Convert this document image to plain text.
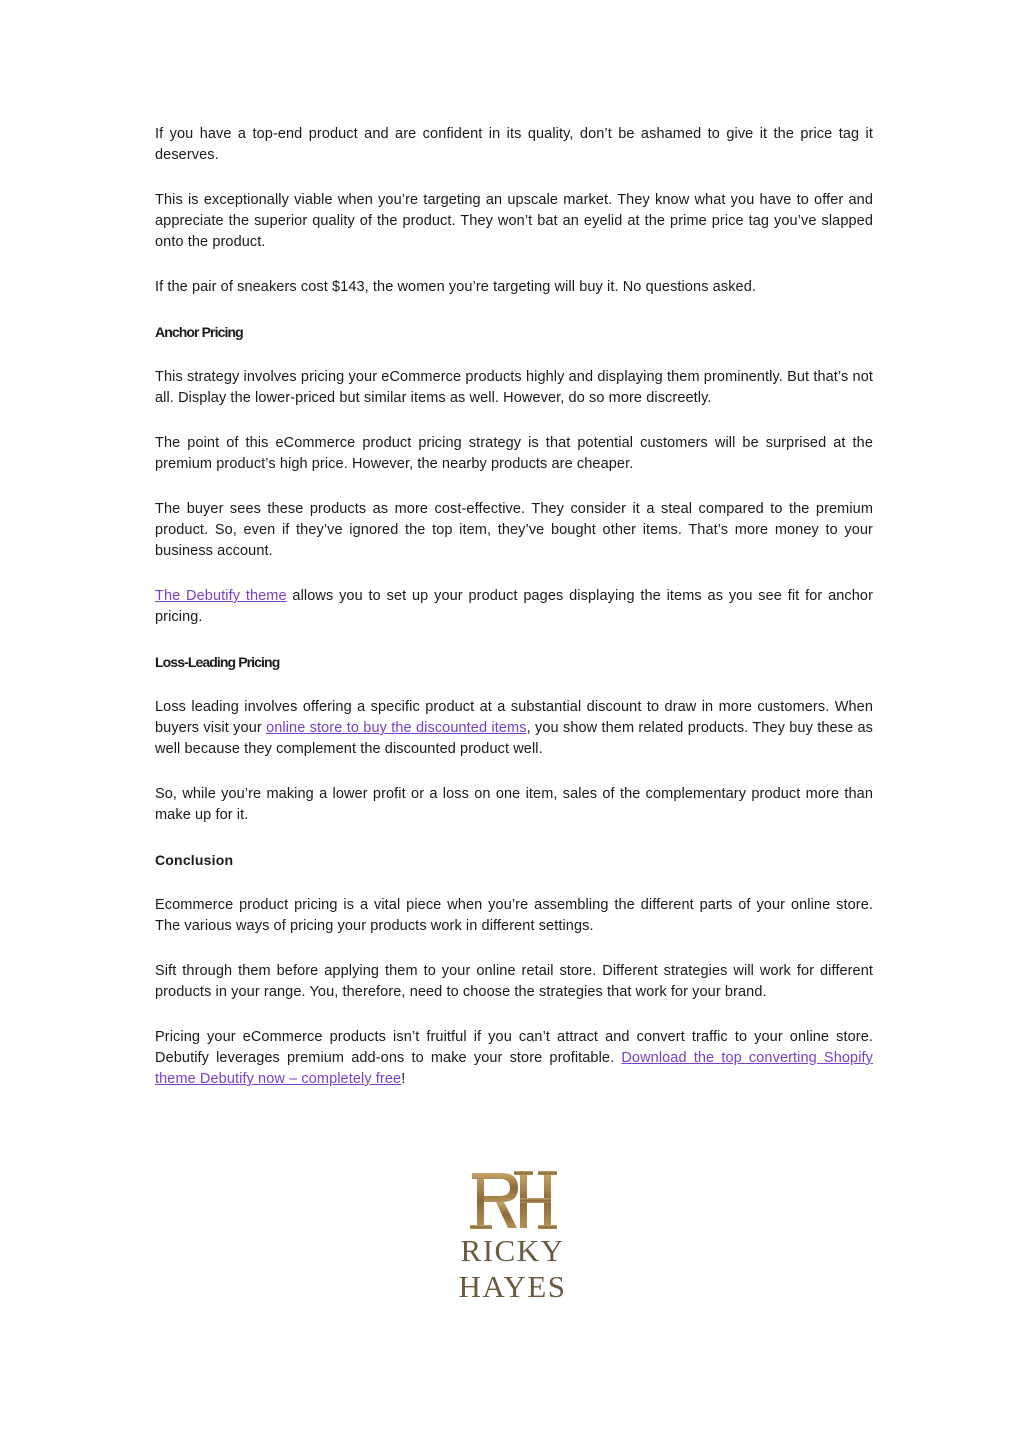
If you have a top-end product and are confident in its quality, don’t be ashamed to give it the price tag it deserves.

This is exceptionally viable when you’re targeting an upscale market. They know what you have to offer and appreciate the superior quality of the product. They won’t bat an eyelid at the prime price tag you’ve slapped onto the product.

If the pair of sneakers cost $143, the women you’re targeting will buy it. No questions asked.

Anchor Pricing

This strategy involves pricing your eCommerce products highly and displaying them prominently. But that’s not all. Display the lower-priced but similar items as well. However, do so more discreetly.

The point of this eCommerce product pricing strategy is that potential customers will be surprised at the premium product’s high price. However, the nearby products are cheaper.

The buyer sees these products as more cost-effective. They consider it a steal compared to the premium product. So, even if they’ve ignored the top item, they’ve bought other items. That’s more money to your business account.

The Debutify theme allows you to set up your product pages displaying the items as you see fit for anchor pricing.

Loss-Leading Pricing

Loss leading involves offering a specific product at a substantial discount to draw in more customers. When buyers visit your online store to buy the discounted items, you show them related products. They buy these as well because they complement the discounted product well.

So, while you’re making a lower profit or a loss on one item, sales of the complementary product more than make up for it.

Conclusion

Ecommerce product pricing is a vital piece when you’re assembling the different parts of your online store. The various ways of pricing your products work in different settings.

Sift through them before applying them to your online retail store. Different strategies will work for different products in your range. You, therefore, need to choose the strategies that work for your brand.

Pricing your eCommerce products isn’t fruitful if you can’t attract and convert traffic to your online store. Debutify leverages premium add-ons to make your store profitable. Download the top converting Shopify theme Debutify now – completely free!

RICKY HAYES
